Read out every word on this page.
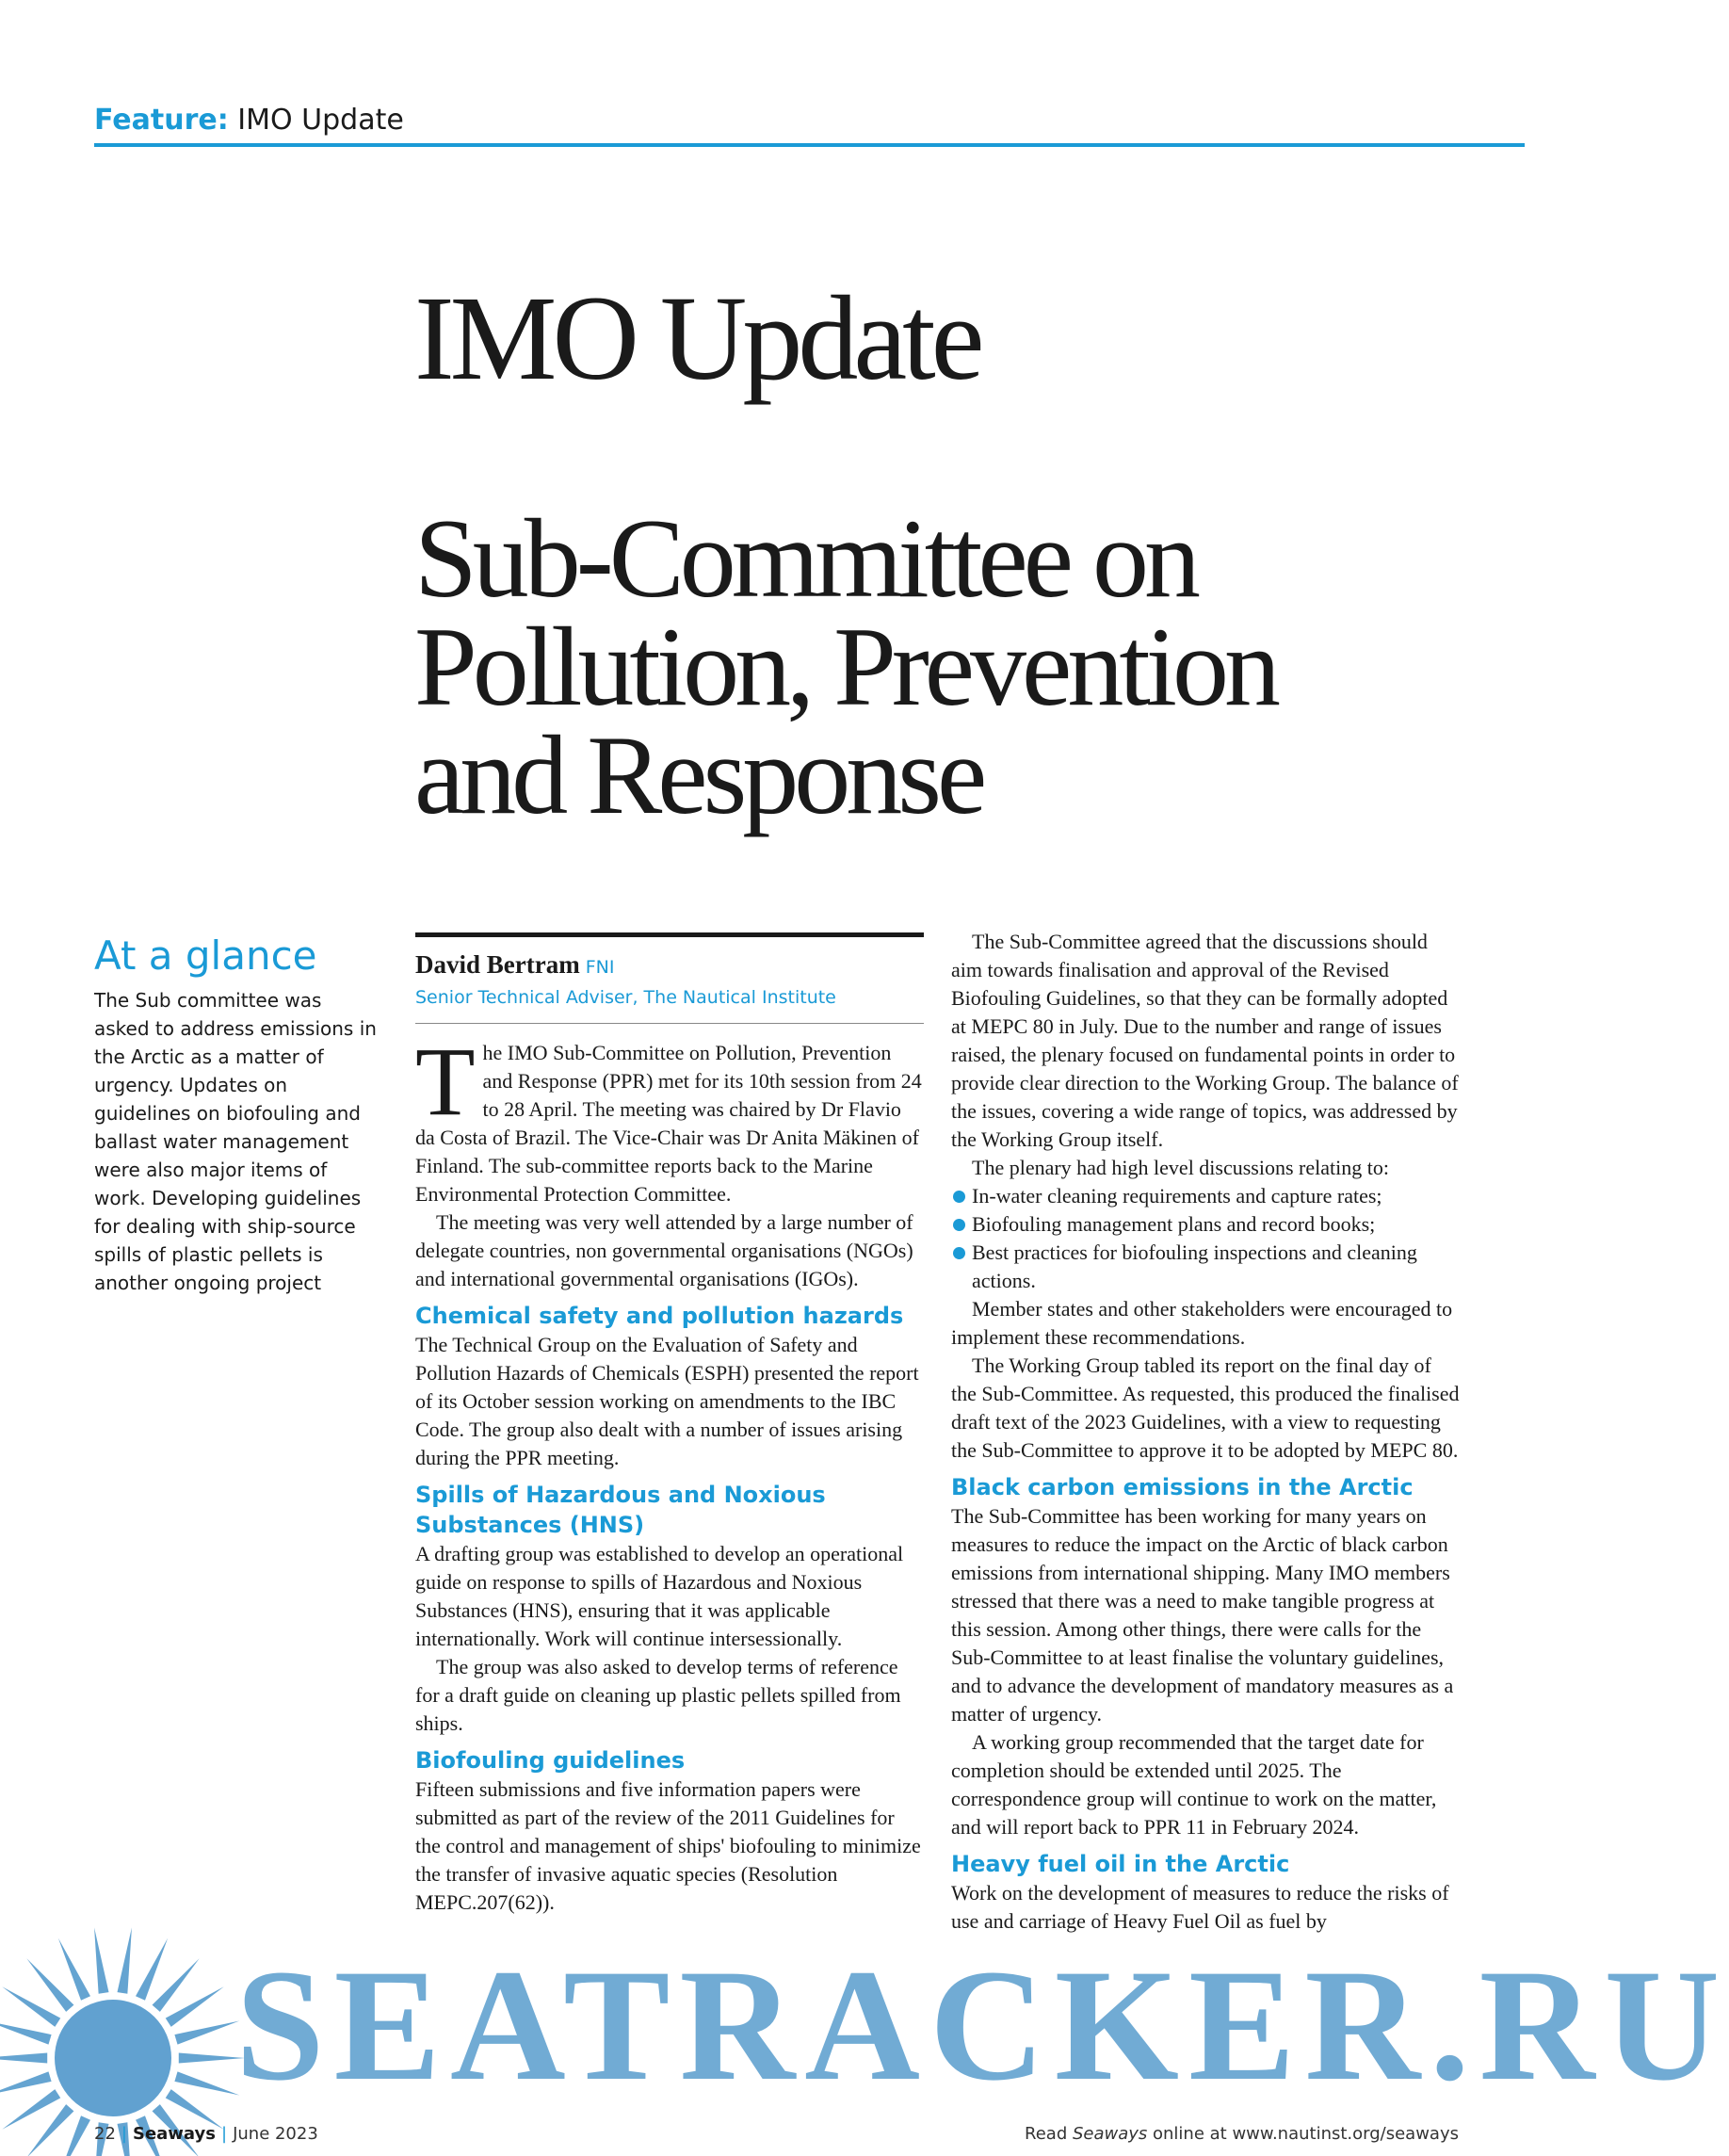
Feature: IMO Update
IMO Update
Sub-Committee on
Pollution, Prevention
and Response
At a glance

The Sub committee was asked to address emissions in the Arctic as a matter of urgency. Updates on guidelines on biofouling and ballast water management were also major items of work. Developing guidelines for dealing with ship-source spills of plastic pellets is another ongoing project

David Bertram FNI
Senior Technical Adviser, The Nautical Institute

The IMO Sub-Committee on Pollution, Prevention and Response (PPR) met for its 10th session from 24 to 28 April. The meeting was chaired by Dr Flavio da Costa of Brazil. The Vice-Chair was Dr Anita Mäkinen of Finland. The sub-committee reports back to the Marine Environmental Protection Committee.

The meeting was very well attended by a large number of delegate countries, non governmental organisations (NGOs) and international governmental organisations (IGOs).

Chemical safety and pollution hazards

The Technical Group on the Evaluation of Safety and Pollution Hazards of Chemicals (ESPH) presented the report of its October session working on amendments to the IBC Code. The group also dealt with a number of issues arising during the PPR meeting.

Spills of Hazardous and Noxious Substances (HNS)

A drafting group was established to develop an operational guide on response to spills of Hazardous and Noxious Substances (HNS), ensuring that it was applicable internationally. Work will continue intersessionally.

The group was also asked to develop terms of reference for a draft guide on cleaning up plastic pellets spilled from ships.

Biofouling guidelines

Fifteen submissions and five information papers were submitted as part of the review of the 2011 Guidelines for the control and management of ships' biofouling to minimize the transfer of invasive aquatic species (Resolution MEPC.207(62)).

The Sub-Committee agreed that the discussions should aim towards finalisation and approval of the Revised Biofouling Guidelines, so that they can be formally adopted at MEPC 80 in July. Due to the number and range of issues raised, the plenary focused on fundamental points in order to provide clear direction to the Working Group. The balance of the issues, covering a wide range of topics, was addressed by the Working Group itself.

The plenary had high level discussions relating to:

In-water cleaning requirements and capture rates;
Biofouling management plans and record books;
Best practices for biofouling inspections and cleaning actions.

Member states and other stakeholders were encouraged to implement these recommendations.

The Working Group tabled its report on the final day of the Sub-Committee. As requested, this produced the finalised draft text of the 2023 Guidelines, with a view to requesting the Sub-Committee to approve it to be adopted by MEPC 80.

Black carbon emissions in the Arctic

The Sub-Committee has been working for many years on measures to reduce the impact on the Arctic of black carbon emissions from international shipping. Many IMO members stressed that there was a need to make tangible progress at this session. Among other things, there were calls for the Sub-Committee to at least finalise the voluntary guidelines, and to advance the development of mandatory measures as a matter of urgency.

A working group recommended that the target date for completion should be extended until 2025. The correspondence group will continue to work on the matter, and will report back to PPR 11 in February 2024.

Heavy fuel oil in the Arctic

Work on the development of measures to reduce the risks of use and carriage of Heavy Fuel Oil as fuel by

SEATRACKER.RU
22 | Seaways | June 2023	Read Seaways online at www.nautinst.org/seaways
